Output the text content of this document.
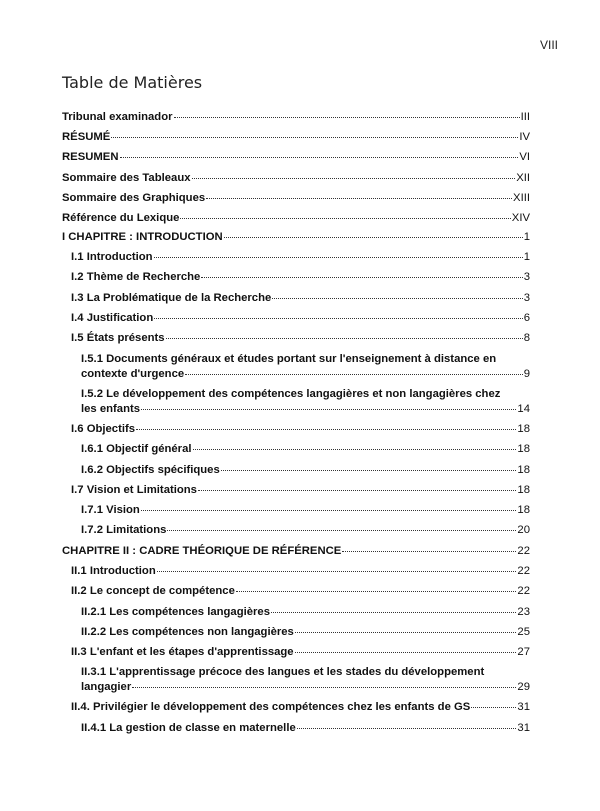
VIII
Table de Matières
Tribunal examinador	III
RÉSUMÉ	IV
RESUMEN	VI
Sommaire des Tableaux	XII
Sommaire des Graphiques	XIII
Référence du Lexique	XIV
I CHAPITRE : INTRODUCTION	1
I.1 Introduction	1
I.2 Thème de Recherche	3
I.3 La Problématique de la Recherche	3
I.4 Justification	6
I.5 États présents	8
I.5.1 Documents généraux et études portant sur l'enseignement à distance en
contexte d'urgence	9
I.5.2 Le développement des compétences langagières et non langagières chez
les enfants	14
I.6 Objectifs	18
I.6.1 Objectif général	18
I.6.2 Objectifs spécifiques	18
I.7 Vision et Limitations	18
I.7.1 Vision	18
I.7.2 Limitations	20
CHAPITRE II : CADRE THÉORIQUE DE RÉFÉRENCE	22
II.1 Introduction	22
II.2 Le concept de compétence	22
II.2.1 Les compétences langagières	23
II.2.2 Les compétences non langagières	25
II.3 L'enfant et les étapes d'apprentissage	27
II.3.1 L'apprentissage précoce des langues et les stades du développement
langagier	29
II.4. Privilégier le développement des compétences chez les enfants de GS	31
II.4.1 La gestion de classe en maternelle	31
